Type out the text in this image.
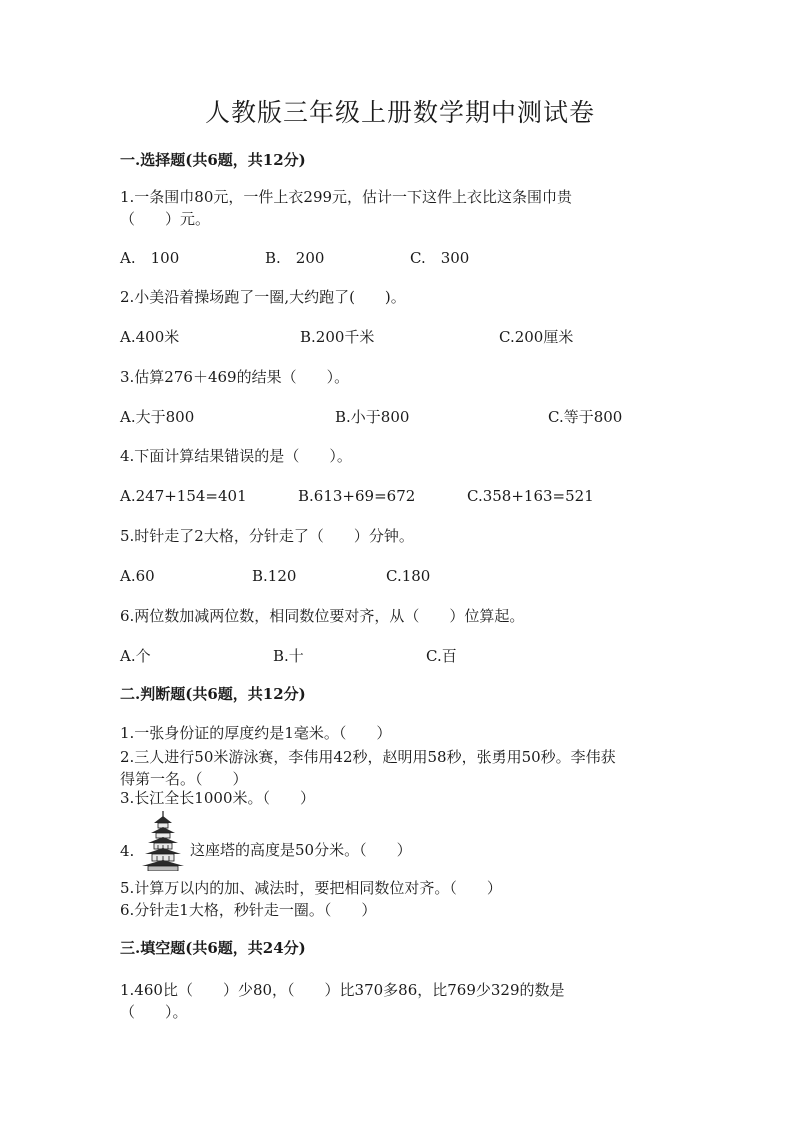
人教版三年级上册数学期中测试卷
一.选择题(共6题，共12分)
1.一条围巾80元，一件上衣299元，估计一下这件上衣比这条围巾贵
（　　）元。
A.　100	B.　200	C.　300
2.小美沿着操场跑了一圈,大约跑了(　　)。
A.400米	B.200千米	C.200厘米
3.估算276＋469的结果（　　）。
A.大于800	B.小于800	C.等于800
4.下面计算结果错误的是（　　）。
A.247+154=401	B.613+69=672	C.358+163=521
5.时针走了2大格，分针走了（　　）分钟。
A.60	B.120	C.180
6.两位数加减两位数，相同数位要对齐，从（　　）位算起。
A.个	B.十	C.百
二.判断题(共6题，共12分)
1.一张身份证的厚度约是1毫米。（　　）
2.三人进行50米游泳赛，李伟用42秒，赵明用58秒，张勇用50秒。李伟获
得第一名。（　　）
3.长江全长1000米。（　　）
4.	这座塔的高度是50分米。（　　）
5.计算万以内的加、减法时，要把相同数位对齐。（　　）
6.分针走1大格，秒针走一圈。（　　）
三.填空题(共6题，共24分)
1.460比（　　）少80，（　　）比370多86，比769少329的数是
（　　）。
